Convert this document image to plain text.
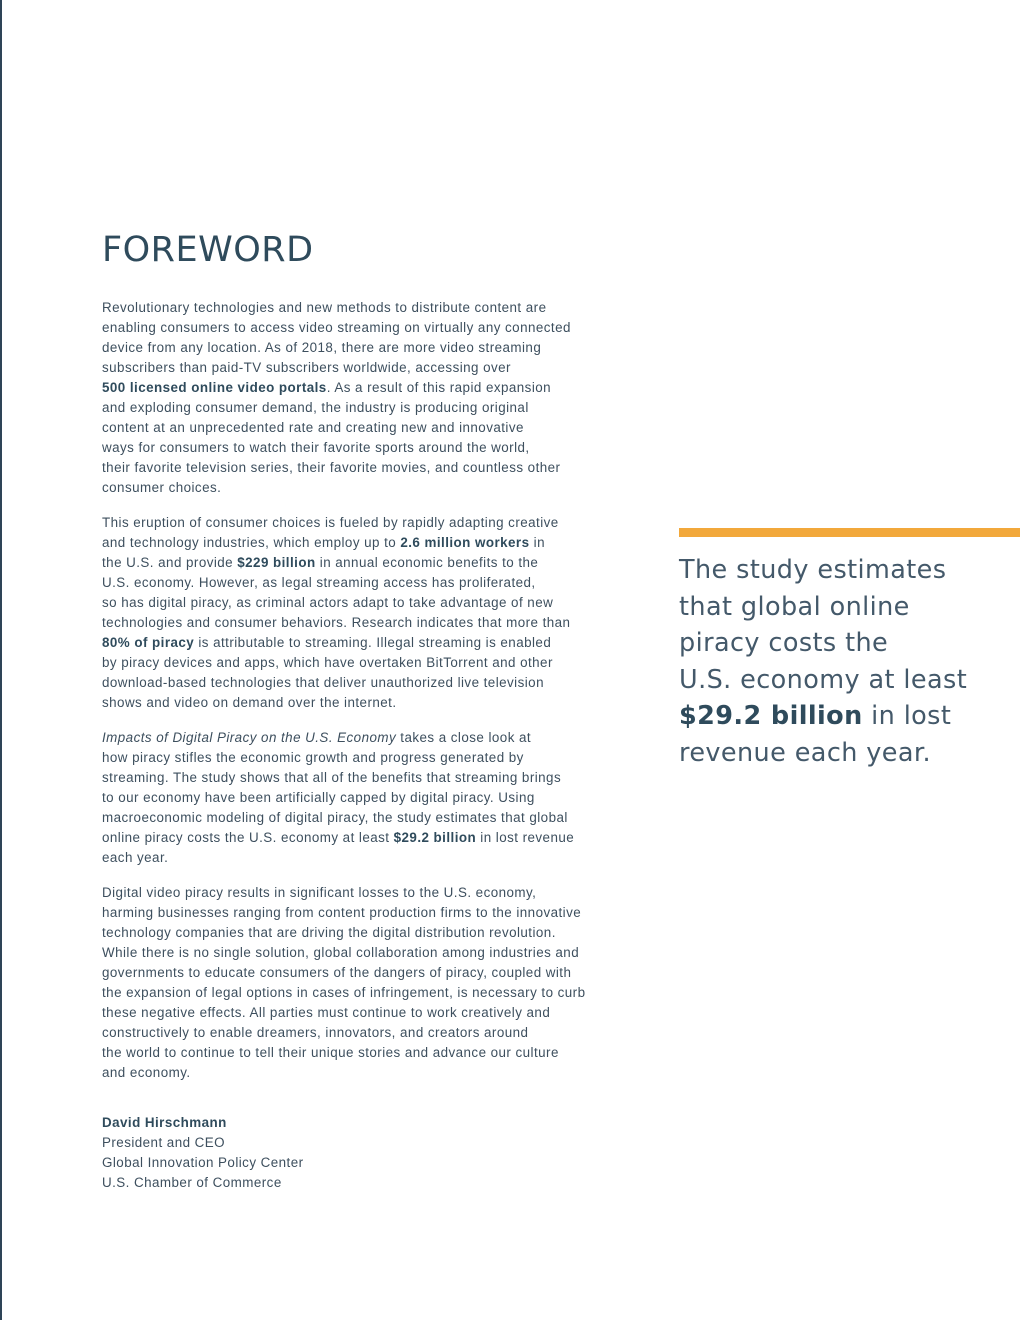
FOREWORD

Revolutionary technologies and new methods to distribute content are
enabling consumers to access video streaming on virtually any connected
device from any location. As of 2018, there are more video streaming
subscribers than paid-TV subscribers worldwide, accessing over
500 licensed online video portals. As a result of this rapid expansion
and exploding consumer demand, the industry is producing original
content at an unprecedented rate and creating new and innovative
ways for consumers to watch their favorite sports around the world,
their favorite television series, their favorite movies, and countless other
consumer choices.

This eruption of consumer choices is fueled by rapidly adapting creative
and technology industries, which employ up to 2.6 million workers in
the U.S. and provide $229 billion in annual economic benefits to the
U.S. economy. However, as legal streaming access has proliferated,
so has digital piracy, as criminal actors adapt to take advantage of new
technologies and consumer behaviors. Research indicates that more than
80% of piracy is attributable to streaming. Illegal streaming is enabled
by piracy devices and apps, which have overtaken BitTorrent and other
download-based technologies that deliver unauthorized live television
shows and video on demand over the internet.

Impacts of Digital Piracy on the U.S. Economy takes a close look at
how piracy stifles the economic growth and progress generated by
streaming. The study shows that all of the benefits that streaming brings
to our economy have been artificially capped by digital piracy. Using
macroeconomic modeling of digital piracy, the study estimates that global
online piracy costs the U.S. economy at least $29.2 billion in lost revenue
each year.

Digital video piracy results in significant losses to the U.S. economy,
harming businesses ranging from content production firms to the innovative
technology companies that are driving the digital distribution revolution.
While there is no single solution, global collaboration among industries and
governments to educate consumers of the dangers of piracy, coupled with
the expansion of legal options in cases of infringement, is necessary to curb
these negative effects. All parties must continue to work creatively and
constructively to enable dreamers, innovators, and creators around
the world to continue to tell their unique stories and advance our culture
and economy.

David Hirschmann
President and CEO
Global Innovation Policy Center
U.S. Chamber of Commerce
The study estimates
that global online
piracy costs the
U.S. economy at least
$29.2 billion in lost
revenue each year.
